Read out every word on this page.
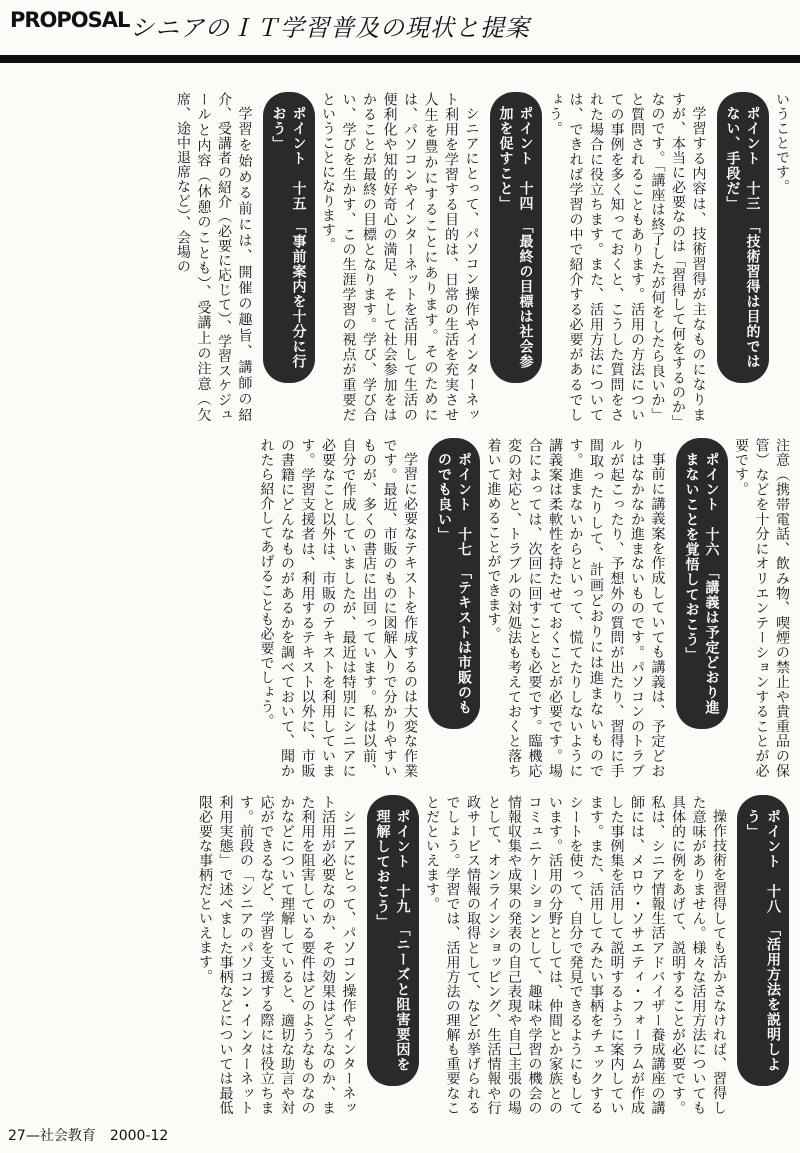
PROPOSAL シニアのＩＴ学習普及の現状と提案

いうことです。

ポイント　十三　「技術習得は目的では
ない、手段だ」

学習する内容は、技術習得が主なものになりますが、本当に必要なのは「習得して何をするのか」なのです。「講座は終了したが何をしたら良いか」と質問されることもあります。活用の方法についての事例を多く知っておくと、こうした質問をされた場合に役立ちます。また、活用方法については、できれば学習の中で紹介する必要があるでしょう。

ポイント　十四　「最終の目標は社会参
加を促すこと」

シニアにとって、パソコン操作やインターネット利用を学習する目的は、日常の生活を充実させ人生を豊かにすることにあります。そのためには、パソコンやインターネットを活用して生活の便利化や知的好奇心の満足、そして社会参加をはかることが最終の目標となります。学び、学び合い、学びを生かす、この生涯学習の視点が重要だということになります。

ポイント　十五　「事前案内を十分に行
おう」

学習を始める前には、開催の趣旨、講師の紹介、受講者の紹介（必要に応じて）、学習スケジュールと内容（休憩のことも）、受講上の注意（欠席、途中退席など）、会場の

注意（携帯電話、飲み物、喫煙の禁止や貴重品の保管）などを十分にオリエンテーションすることが必要です。

ポイント　十六　「講義は予定どおり進
まないことを覚悟しておこう」

事前に講義案を作成していても講義は、予定どおりはなかなか進まないものです。パソコンのトラブルが起こったり、予想外の質問が出たり、習得に手間取ったりして、計画どおりには進まないものです。進まないからといって、慌てたりしないように講義案は柔軟性を持たせておくことが必要です。場合によっては、次回に回すことも必要です。臨機応変の対応と、トラブルの対処法も考えておくと落ち着いて進めることができます。

ポイント　十七　「テキストは市販のも
のでも良い」

学習に必要なテキストを作成するのは大変な作業です。最近、市販のものに図解入りで分かりやすいものが、多くの書店に出回っています。私は以前、自分で作成していましたが、最近は特別にシニアに必要なこと以外は、市販のテキストを利用しています。学習支援者は、利用するテキスト以外に、市販の書籍にどんなものがあるかを調べておいて、聞かれたら紹介してあげることも必要でしょう。

ポイント　十八　「活用方法を説明しよ
う」

操作技術を習得しても活かさなければ、習得した意味がありません。様々な活用方法についても具体的に例をあげて、説明することが必要です。私は、シニア情報生活アドバイザー養成講座の講師には、メロウ・ソサエティ・フォーラムが作成した事例集を活用して説明するように案内しています。また、活用してみたい事柄をチェックするシートを使って、自分で発見できるようにもしています。活用の分野としては、仲間とか家族とのコミュニケーションとして、趣味や学習の機会の情報収集や成果の発表の自己表現や自己主張の場として、オンラインショッピング、生活情報や行政サービス情報の取得として、などが挙げられるでしょう。学習では、活用方法の理解も重要なことだといえます。

ポイント　十九　「ニーズと阻害要因を
理解しておこう」

シニアにとって、パソコン操作やインターネット活用が必要なのか、その効果はどうなのか、また利用を阻害している要件はどのようなものなのかなどについて理解していると、適切な助言や対応ができるなど、学習を支援する際には役立ちます。前段の「シニアのパソコン・インターネット利用実態」で述べました事柄などについては最低限必要な事柄だといえます。

27—社会教育　2000-12
